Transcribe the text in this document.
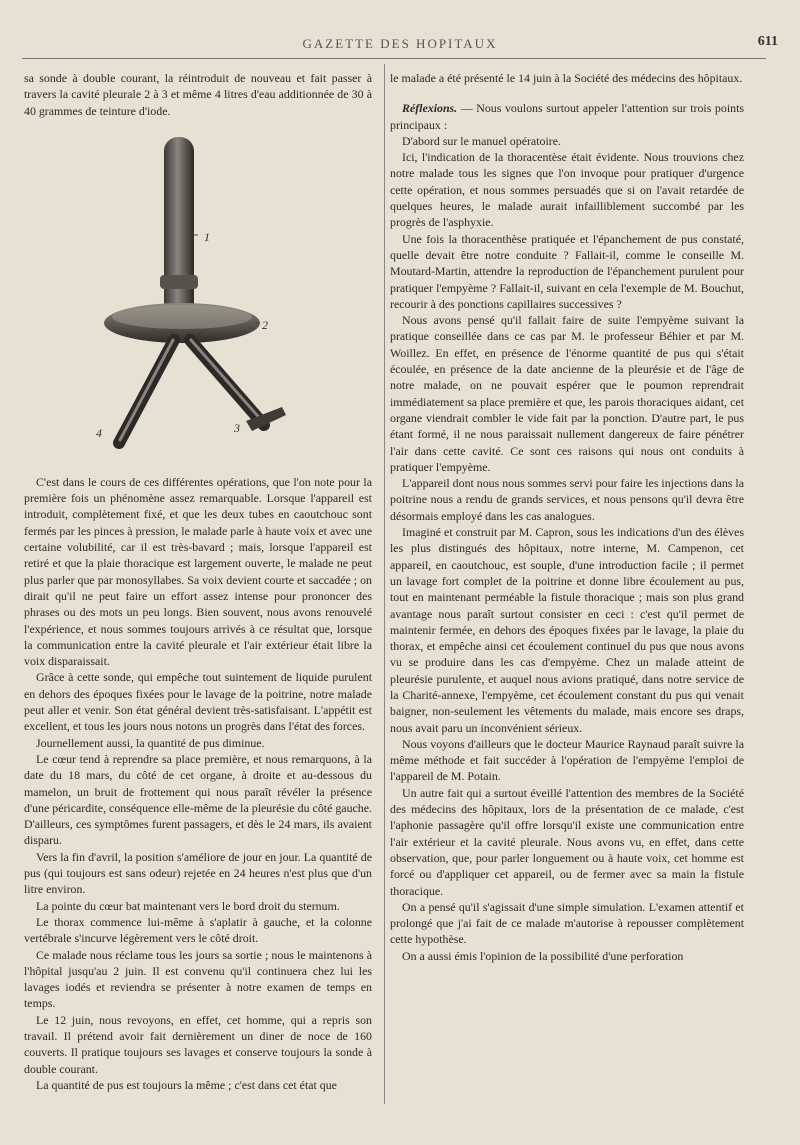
GAZETTE DES HOPITAUX	611

sa sonde à double courant, la réintroduit de nouveau et fait passer à travers la cavité pleurale 2 à 3 et même 4 litres d'eau additionnée de 30 à 40 grammes de teinture d'iode.

1
2
4	3

C'est dans le cours de ces différentes opérations, que l'on note pour la première fois un phénomène assez remarquable. Lorsque l'appareil est introduit, complètement fixé, et que les deux tubes en caoutchouc sont fermés par les pinces à pression, le malade parle à haute voix et avec une certaine volubilité, car il est très-bavard ; mais, lorsque l'appareil est retiré et que la plaie thoracique est largement ouverte, le malade ne peut plus parler que par monosyllabes. Sa voix devient courte et saccadée ; on dirait qu'il ne peut faire un effort assez intense pour prononcer des phrases ou des mots un peu longs. Bien souvent, nous avons renouvelé l'expérience, et nous sommes toujours arrivés à ce résultat que, lorsque la communication entre la cavité pleurale et l'air extérieur était libre la voix disparaissait.

Grâce à cette sonde, qui empêche tout suintement de liquide purulent en dehors des époques fixées pour le lavage de la poitrine, notre malade peut aller et venir. Son état général devient très-satisfaisant. L'appétit est excellent, et tous les jours nous notons un progrès dans l'état des forces.

Journellement aussi, la quantité de pus diminue.

Le cœur tend à reprendre sa place première, et nous remarquons, à la date du 18 mars, du côté de cet organe, à droite et au-dessous du mamelon, un bruit de frottement qui nous paraît révéler la présence d'une péricardite, conséquence elle-même de la pleurésie du côté gauche. D'ailleurs, ces symptômes furent passagers, et dès le 24 mars, ils avaient disparu.

Vers la fin d'avril, la position s'améliore de jour en jour. La quantité de pus (qui toujours est sans odeur) rejetée en 24 heures n'est plus que d'un litre environ.

La pointe du cœur bat maintenant vers le bord droit du sternum.

Le thorax commence lui-même à s'aplatir à gauche, et la colonne vertébrale s'incurve légèrement vers le côté droit.

Ce malade nous réclame tous les jours sa sortie ; nous le maintenons à l'hôpital jusqu'au 2 juin. Il est convenu qu'il continuera chez lui les lavages iodés et reviendra se présenter à notre examen de temps en temps.

Le 12 juin, nous revoyons, en effet, cet homme, qui a repris son travail. Il prétend avoir fait dernièrement un diner de noce de 160 couverts. Il pratique toujours ses lavages et conserve toujours la sonde à double courant.

La quantité de pus est toujours la même ; c'est dans cet état que

le malade a été présenté le 14 juin à la Société des médecins des hôpitaux.

Réflexions. — Nous voulons surtout appeler l'attention sur trois points principaux :

D'abord sur le manuel opératoire.

Ici, l'indication de la thoracentèse était évidente. Nous trouvions chez notre malade tous les signes que l'on invoque pour pratiquer d'urgence cette opération, et nous sommes persuadés que si on l'avait retardée de quelques heures, le malade aurait infailliblement succombé par les progrès de l'asphyxie.

Une fois la thoracenthèse pratiquée et l'épanchement de pus constaté, quelle devait être notre conduite ? Fallait-il, comme le conseille M. Moutard-Martin, attendre la reproduction de l'épanchement purulent pour pratiquer l'empyème ? Fallait-il, suivant en cela l'exemple de M. Bouchut, recourir à des ponctions capillaires successives ?

Nous avons pensé qu'il fallait faire de suite l'empyème suivant la pratique conseillée dans ce cas par M. le professeur Béhier et par M. Woillez. En effet, en présence de l'énorme quantité de pus qui s'était écoulée, en présence de la date ancienne de la pleurésie et de l'âge de notre malade, on ne pouvait espérer que le poumon reprendrait immédiatement sa place première et que, les parois thoraciques aidant, cet organe viendrait combler le vide fait par la ponction. D'autre part, le pus étant formé, il ne nous paraissait nullement dangereux de faire pénétrer l'air dans cette cavité. Ce sont ces raisons qui nous ont conduits à pratiquer l'empyème.

L'appareil dont nous nous sommes servi pour faire les injections dans la poitrine nous a rendu de grands services, et nous pensons qu'il devra être désormais employé dans les cas analogues.

Imaginé et construit par M. Capron, sous les indications d'un des élèves les plus distingués des hôpitaux, notre interne, M. Campenon, cet appareil, en caoutchouc, est souple, d'une introduction facile ; il permet un lavage fort complet de la poitrine et donne libre écoulement au pus, tout en maintenant perméable la fistule thoracique ; mais son plus grand avantage nous paraît surtout consister en ceci : c'est qu'il permet de maintenir fermée, en dehors des époques fixées par le lavage, la plaie du thorax, et empêche ainsi cet écoulement continuel du pus que nous avons vu se produire dans les cas d'empyème. Chez un malade atteint de pleurésie purulente, et auquel nous avions pratiqué, dans notre service de la Charité-annexe, l'empyème, cet écoulement constant du pus qui venait baigner, non-seulement les vêtements du malade, mais encore ses draps, nous avait paru un inconvénient sérieux.

Nous voyons d'ailleurs que le docteur Maurice Raynaud paraît suivre la même méthode et fait succéder à l'opération de l'empyème l'emploi de l'appareil de M. Potain.

Un autre fait qui a surtout éveillé l'attention des membres de la Société des médecins des hôpitaux, lors de la présentation de ce malade, c'est l'aphonie passagère qu'il offre lorsqu'il existe une communication entre l'air extérieur et la cavité pleurale. Nous avons vu, en effet, dans cette observation, que, pour parler longuement ou à haute voix, cet homme est forcé ou d'appliquer cet appareil, ou de fermer avec sa main la fistule thoracique.

On a pensé qu'il s'agissait d'une simple simulation. L'examen attentif et prolongé que j'ai fait de ce malade m'autorise à repousser complètement cette hypothèse.

On a aussi émis l'opinion de la possibilité d'une perforation
